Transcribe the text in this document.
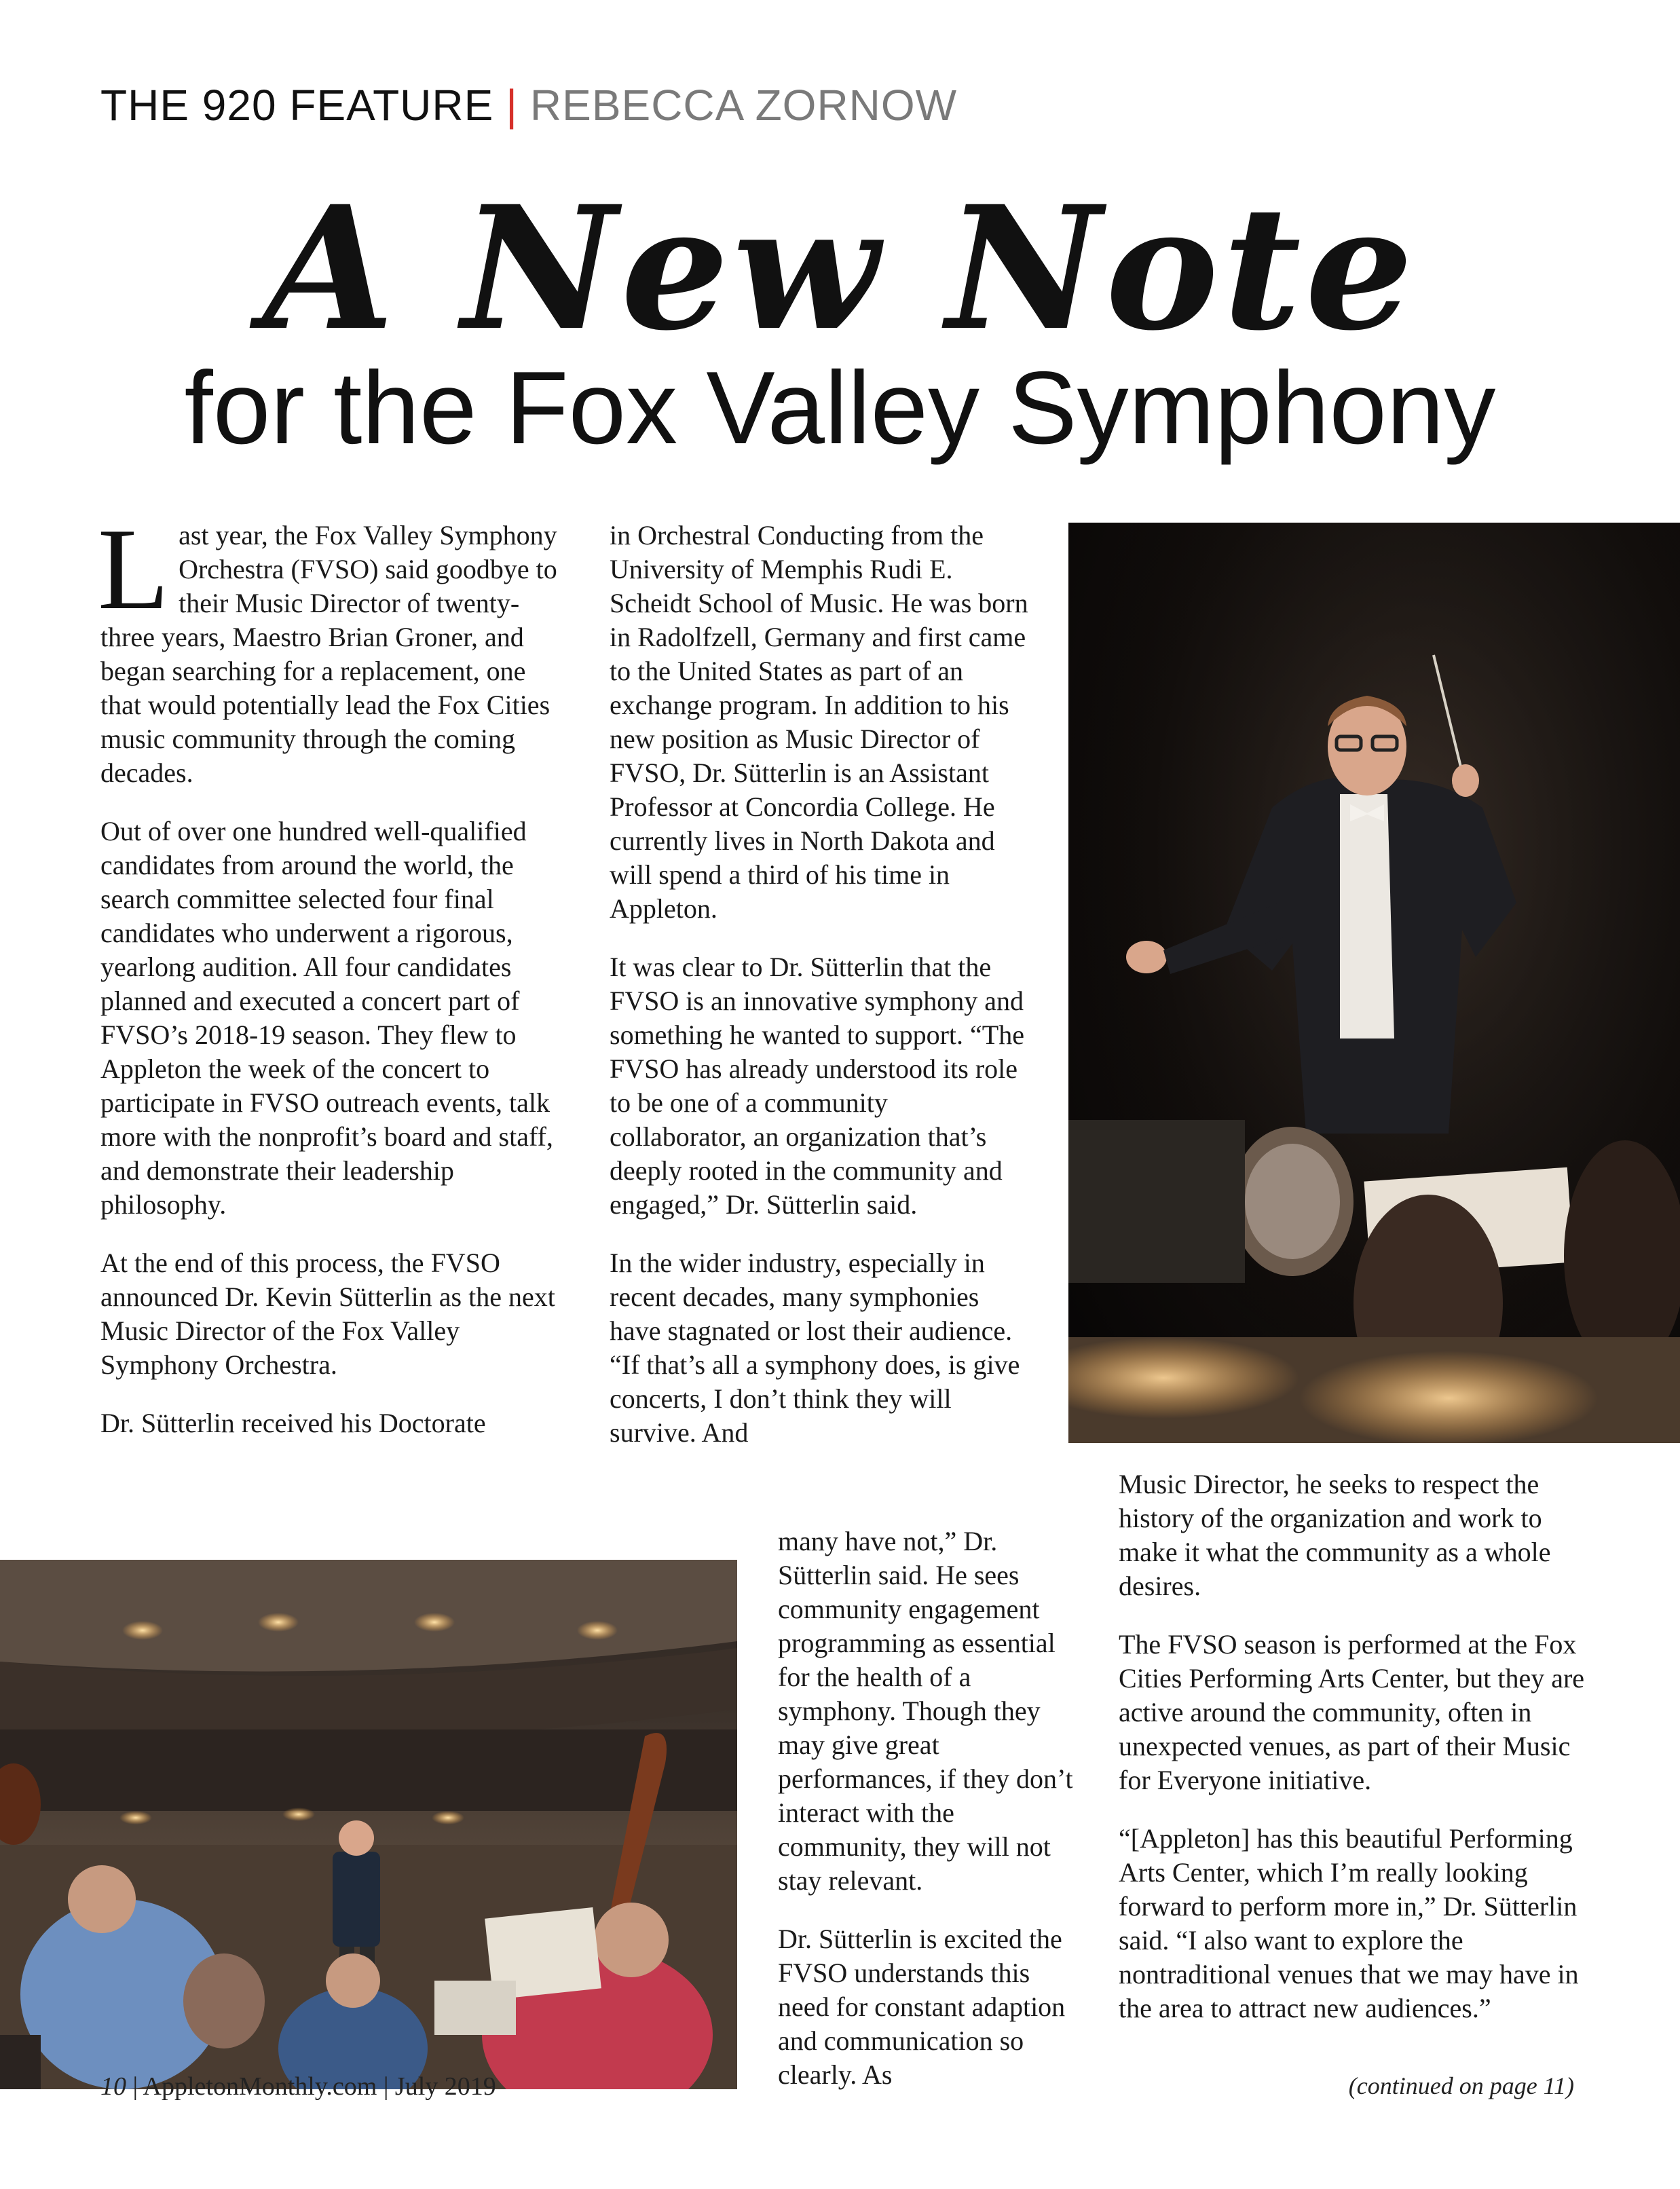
THE 920 FEATURE | REBECCA ZORNOW
A New Note
for the Fox Valley Symphony

Last year, the Fox Valley Symphony Orchestra (FVSO) said goodbye to their Music Director of twenty-three years, Maestro Brian Groner, and began searching for a replacement, one that would potentially lead the Fox Cities music community through the coming decades.

Out of over one hundred well-qualified candidates from around the world, the search committee selected four final candidates who underwent a rigorous, yearlong audition. All four candidates planned and executed a concert part of FVSO’s 2018-19 season. They flew to Appleton the week of the concert to participate in FVSO outreach events, talk more with the nonprofit’s board and staff, and demonstrate their leadership philosophy.

At the end of this process, the FVSO announced Dr. Kevin Sütterlin as the next Music Director of the Fox Valley Symphony Orchestra.

Dr. Sütterlin received his Doctorate

in Orchestral Conducting from the University of Memphis Rudi E. Scheidt School of Music. He was born in Radolfzell, Germany and first came to the United States as part of an exchange program. In addition to his new position as Music Director of FVSO, Dr. Sütterlin is an Assistant Professor at Concordia College. He currently lives in North Dakota and will spend a third of his time in Appleton.

It was clear to Dr. Sütterlin that the FVSO is an innovative symphony and something he wanted to support. “The FVSO has already understood its role to be one of a community collaborator, an organization that’s deeply rooted in the community and engaged,” Dr. Sütterlin said.

In the wider industry, especially in recent decades, many symphonies have stagnated or lost their audience. “If that’s all a symphony does, is give concerts, I don’t think they will survive. And

many have not,” Dr. Sütterlin said. He sees community engagement programming as essential for the health of a symphony. Though they may give great performances, if they don’t interact with the community, they will not stay relevant.

Dr. Sütterlin is excited the FVSO understands this need for constant adaption and communication so clearly. As

Music Director, he seeks to respect the history of the organization and work to make it what the community as a whole desires.

The FVSO season is performed at the Fox Cities Performing Arts Center, but they are active around the community, often in unexpected venues, as part of their Music for Everyone initiative.

“[Appleton] has this beautiful Performing Arts Center, which I’m really looking forward to perform more in,” Dr. Sütterlin said. “I also want to explore the nontraditional venues that we may have in the area to attract new audiences.”

10 | AppletonMonthly.com | July 2019	(continued on page 11)
